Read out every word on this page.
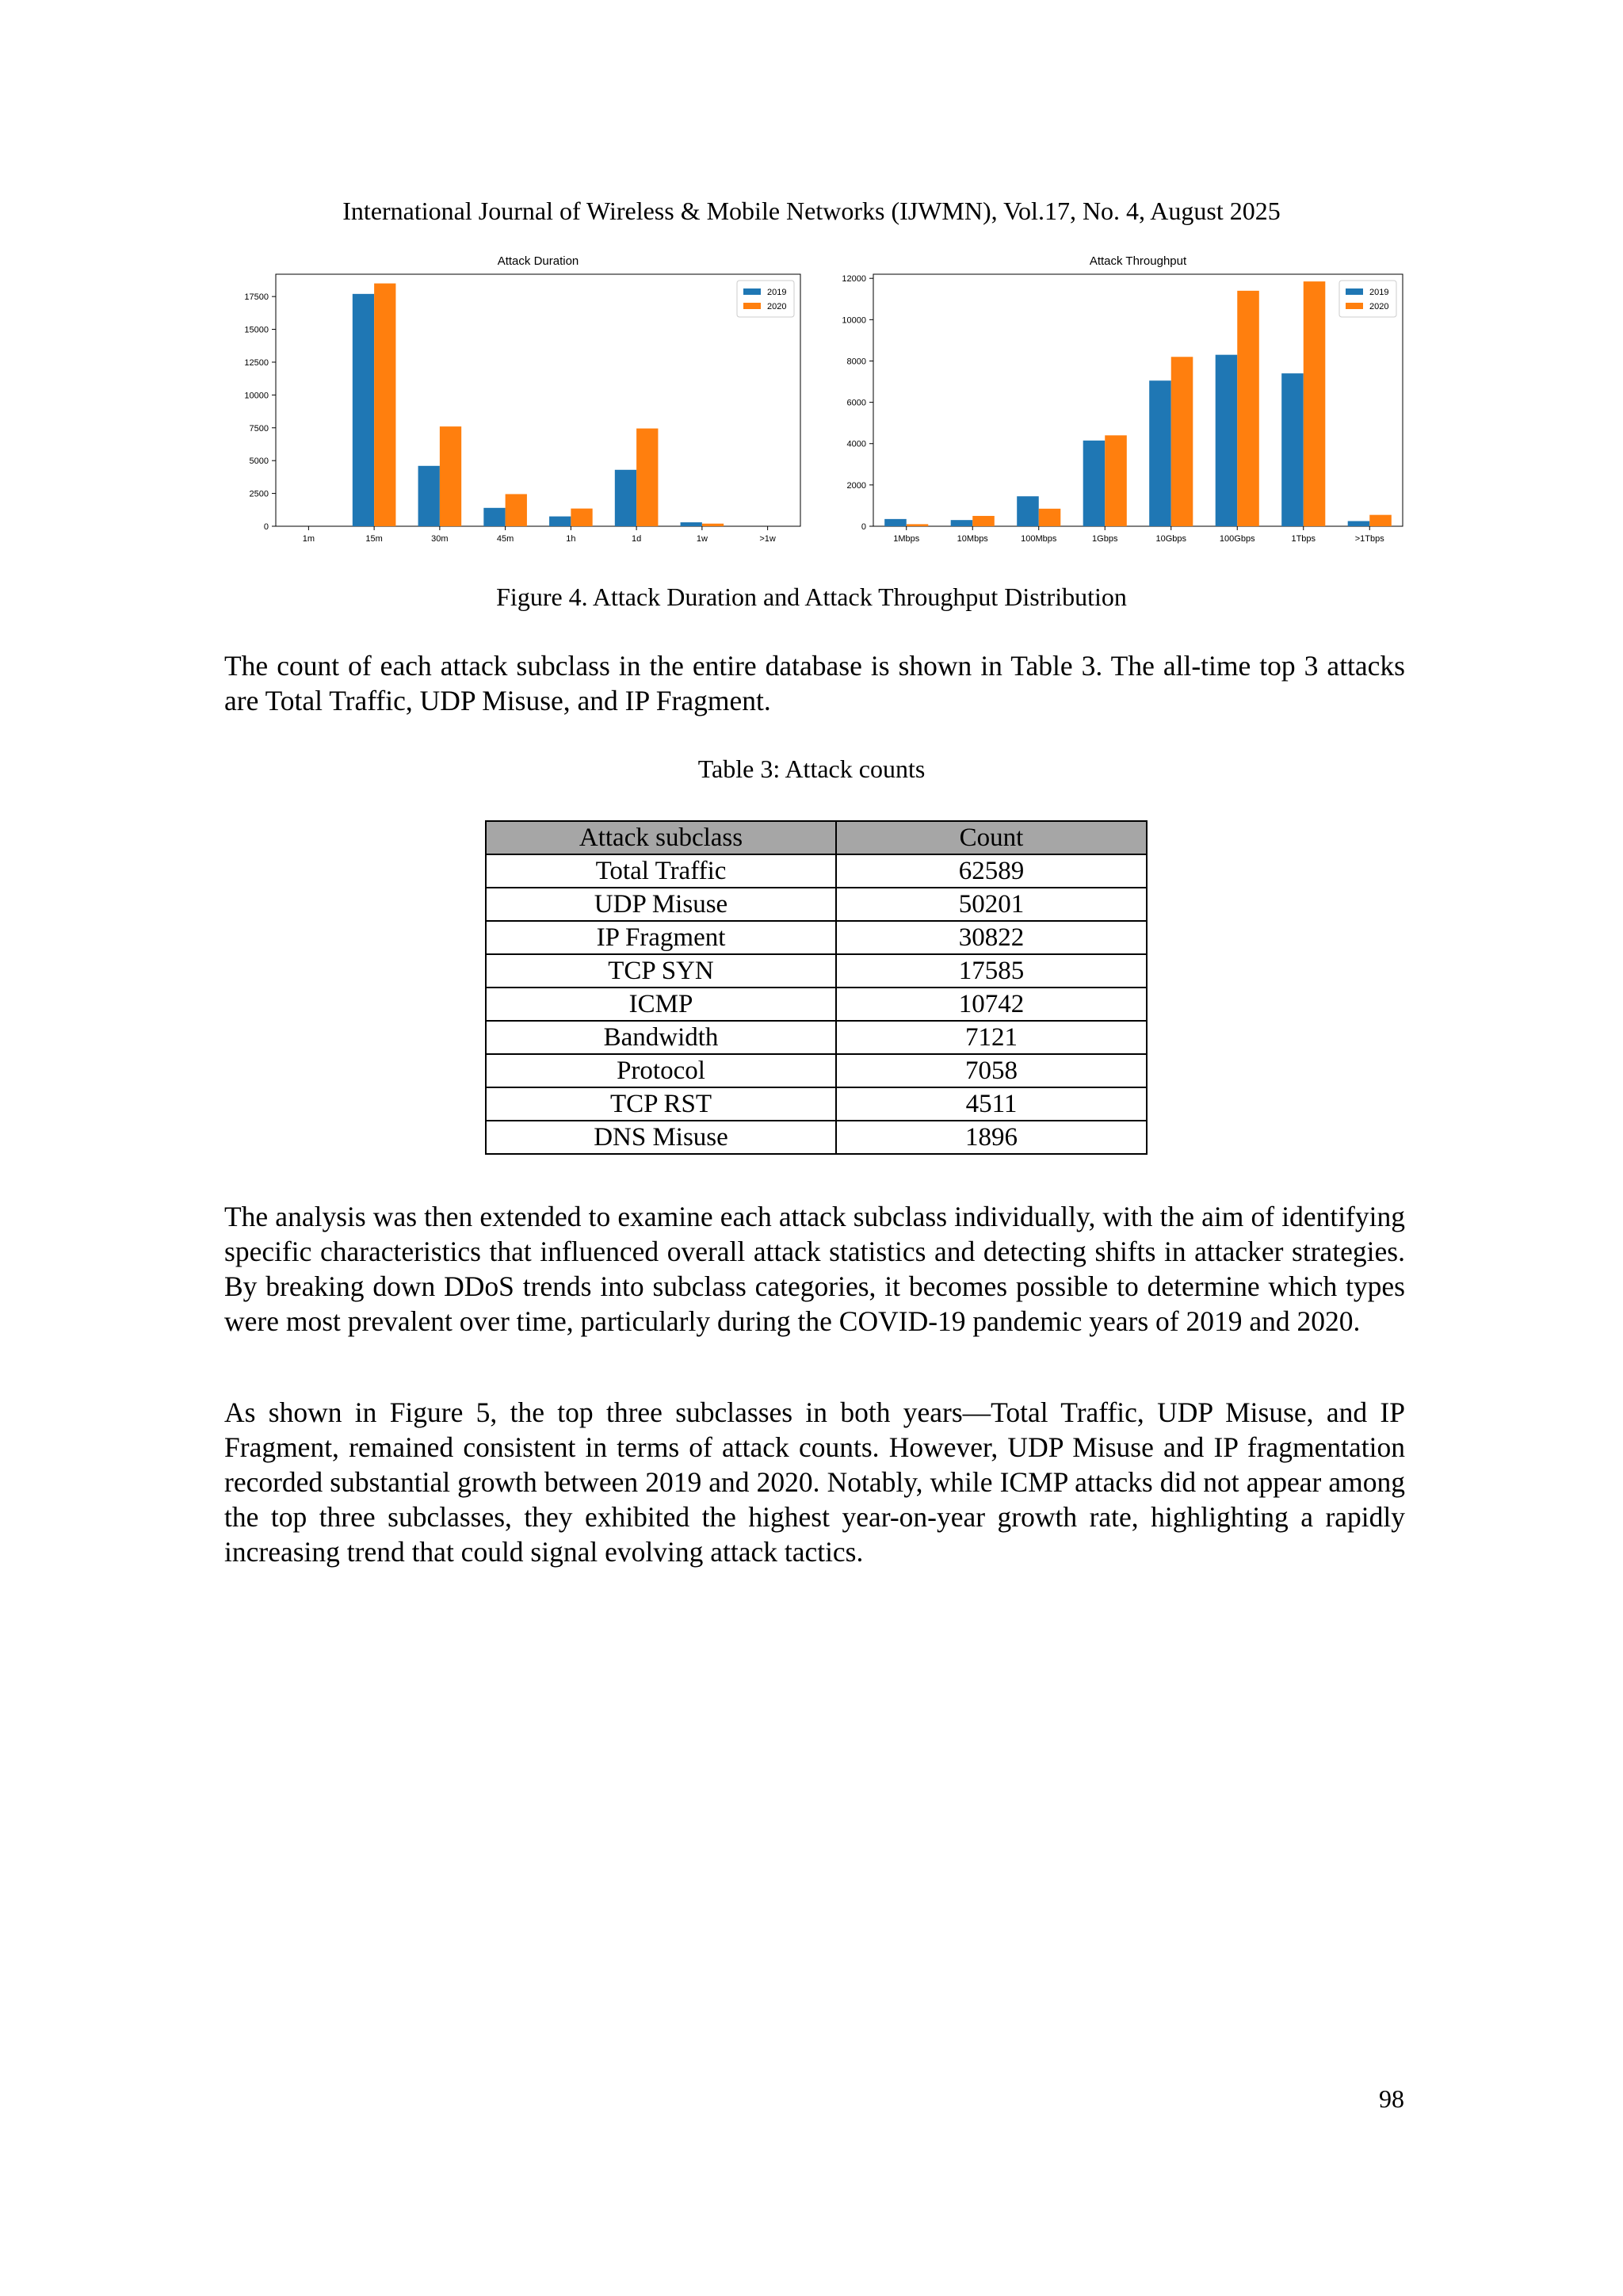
International Journal of Wireless & Mobile Networks (IJWMN), Vol.17, No. 4, August 2025
Attack Duration
0
2500
5000
7500
10000
12500
15000
17500
1m	15m	30m	45m	1h	1d	1w	>1w
2019
2020
Attack Throughput
0
2000
4000
6000
8000
10000
12000
1Mbps	10Mbps	100Mbps	1Gbps	10Gbps	100Gbps	1Tbps	>1Tbps
2019
2020
Figure 4. Attack Duration and Attack Throughput Distribution
The count of each attack subclass in the entire database is shown in Table 3. The all-time top 3 attacks are Total Traffic, UDP Misuse, and IP Fragment.
Table 3: Attack counts
Attack subclass	Count
Total Traffic	62589
UDP Misuse	50201
IP Fragment	30822
TCP SYN	17585
ICMP	10742
Bandwidth	7121
Protocol	7058
TCP RST	4511
DNS Misuse	1896
The analysis was then extended to examine each attack subclass individually, with the aim of identifying specific characteristics that influenced overall attack statistics and detecting shifts in attacker strategies. By breaking down DDoS trends into subclass categories, it becomes possible to determine which types were most prevalent over time, particularly during the COVID-19 pandemic years of 2019 and 2020.
As shown in Figure 5, the top three subclasses in both years—Total Traffic, UDP Misuse, and IP Fragment, remained consistent in terms of attack counts. However, UDP Misuse and IP fragmentation recorded substantial growth between 2019 and 2020. Notably, while ICMP attacks did not appear among the top three subclasses, they exhibited the highest year-on-year growth rate, highlighting a rapidly increasing trend that could signal evolving attack tactics.
98
